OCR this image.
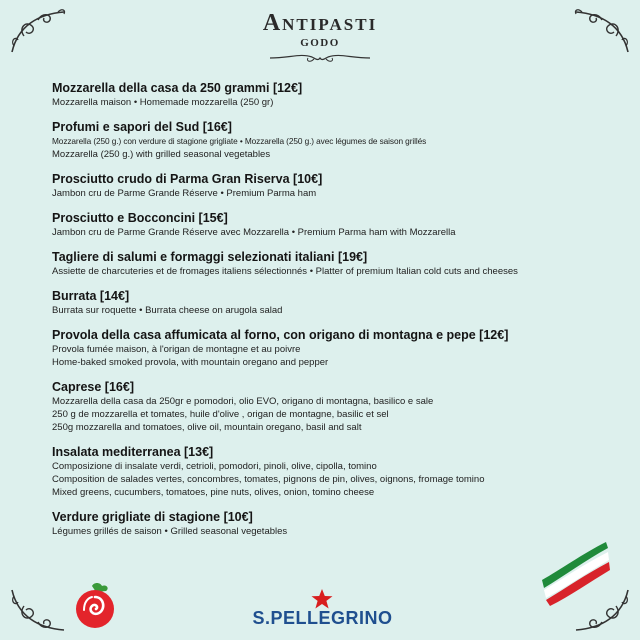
Antipasti
GODO
Mozzarella della casa da 250 grammi [12€]
Mozzarella maison • Homemade mozzarella (250 gr)
Profumi e sapori del Sud [16€]
Mozzarella (250 g.) con verdure di stagione grigliate • Mozzarella (250 g.) avec légumes de saison grillés
Mozzarella (250 g.) with grilled seasonal vegetables
Prosciutto crudo di Parma Gran Riserva [10€]
Jambon cru de Parme Grande Réserve • Premium Parma ham
Prosciutto e Bocconcini [15€]
Jambon cru de Parme Grande Réserve avec Mozzarella • Premium Parma ham with Mozzarella
Tagliere di salumi e formaggi selezionati italiani [19€]
Assiette de charcuteries et de fromages italiens sélectionnés • Platter of premium Italian cold cuts and cheeses
Burrata [14€]
Burrata sur roquette • Burrata cheese on arugola salad
Provola della casa affumicata al forno, con origano di montagna e pepe [12€]
Provola fumée maison, à l'origan de montagne et au poivre
Home-baked smoked provola, with mountain oregano and pepper
Caprese [16€]
Mozzarella della casa da 250gr e pomodori, olio EVO, origano di montagna, basilico e sale
250 g de mozzarella et tomates, huile d'olive , origan de montagne, basilic et sel
250g mozzarella and tomatoes, olive oil, mountain oregano, basil and salt
Insalata mediterranea [13€]
Composizione di insalate verdi, cetrioli, pomodori, pinoli, olive, cipolla, tomino
Composition de salades vertes, concombres, tomates, pignons de pin, olives, oignons, fromage tomino
Mixed greens, cucumbers, tomatoes, pine nuts, olives, onion, tomino cheese
Verdure grigliate di stagione [10€]
Légumes grillés de saison • Grilled seasonal vegetables
S.PELLEGRINO
